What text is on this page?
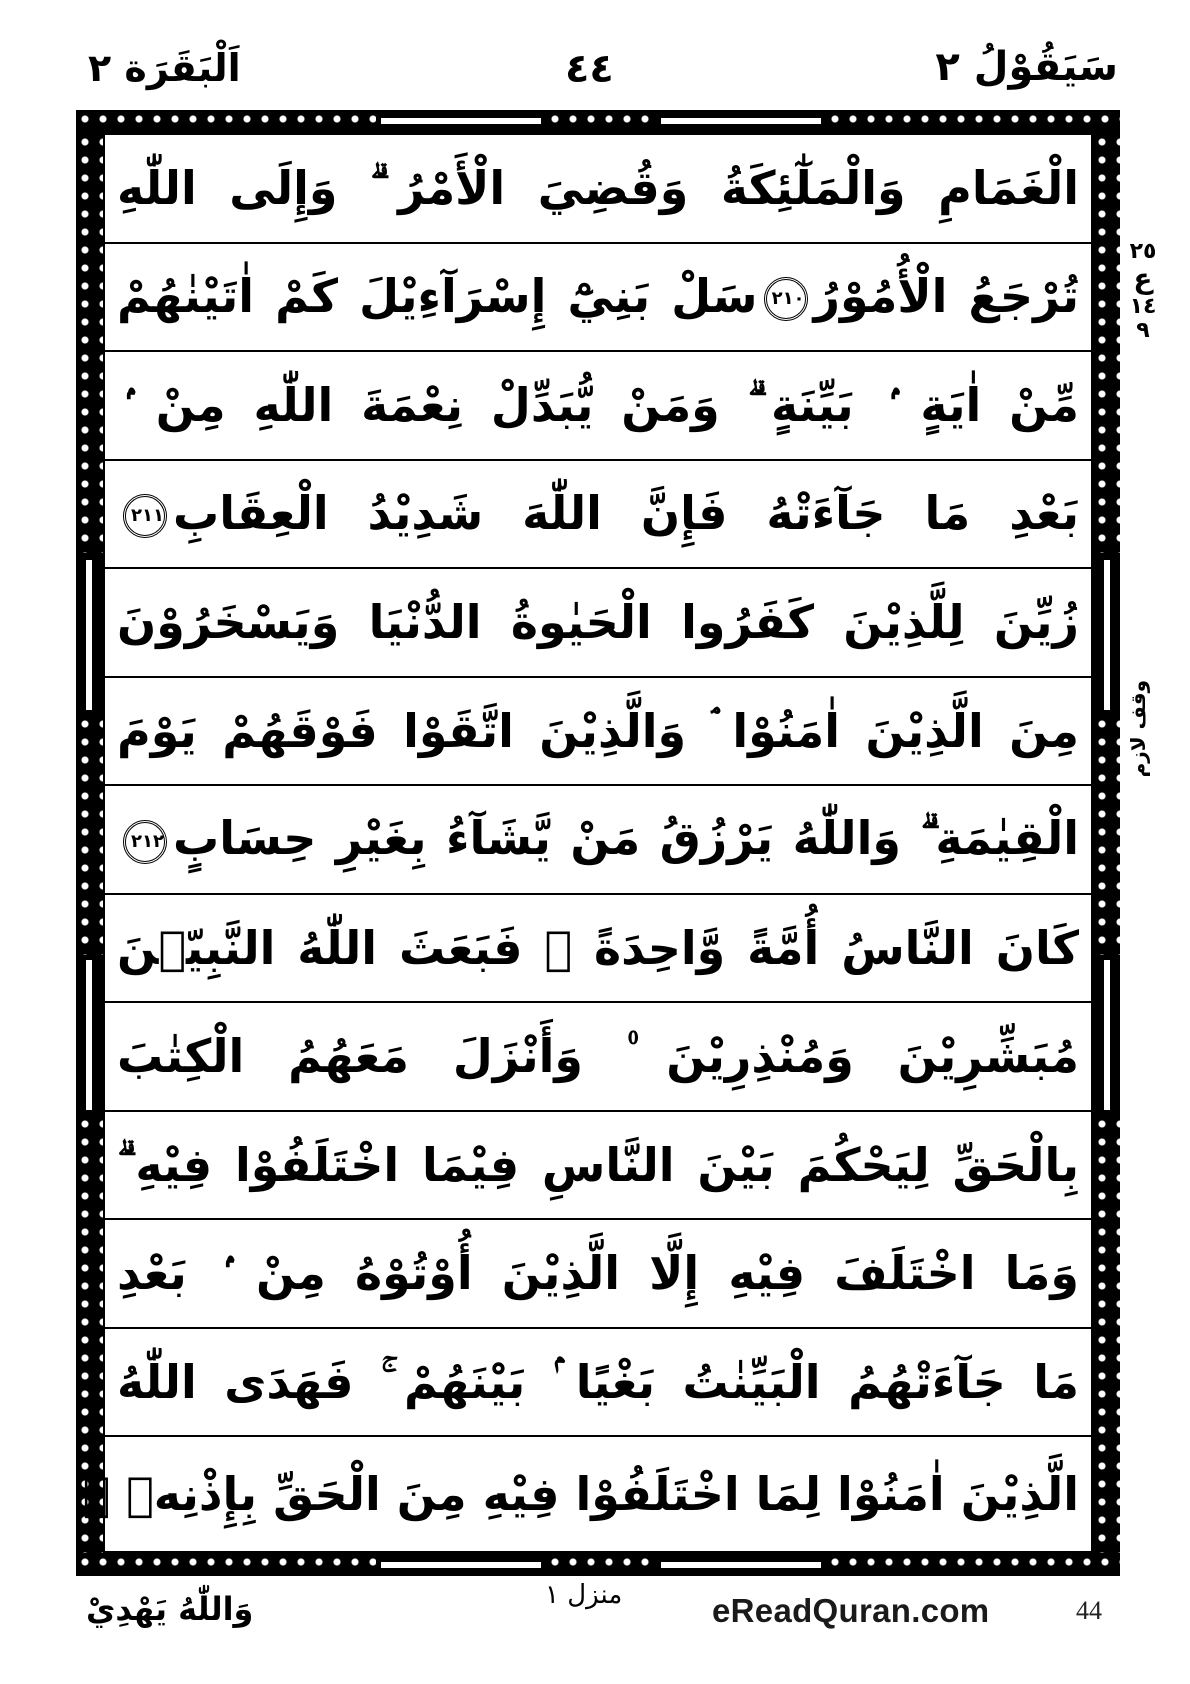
اَلْبَقَرَة ٢	٤٤	سَيَقُوْلُ ٢
الْغَمَامِ وَالْمَلٰٓئِكَةُ وَقُضِيَ الْأَمْرُ ۗ وَإِلَى اللّٰهِ
تُرْجَعُ الْأُمُوْرُ٢١٠سَلْ بَنِيْٓ إِسْرَآءِيْلَ كَمْ اٰتَيْنٰهُمْ
مِّنْ اٰيَةٍ ۢ بَيِّنَةٍ ۗ وَمَنْ يُّبَدِّلْ نِعْمَةَ اللّٰهِ مِنْ ۢ
بَعْدِ مَا جَآءَتْهُ فَإِنَّ اللّٰهَ شَدِيْدُ الْعِقَابِ٢١١
زُيِّنَ لِلَّذِيْنَ كَفَرُوا الْحَيٰوةُ الدُّنْيَا وَيَسْخَرُوْنَ
مِنَ الَّذِيْنَ اٰمَنُوْا ۘ وَالَّذِيْنَ اتَّقَوْا فَوْقَهُمْ يَوْمَ
الْقِيٰمَةِ ۗ وَاللّٰهُ يَرْزُقُ مَنْ يَّشَآءُ بِغَيْرِ حِسَابٍ٢١٢
كَانَ النَّاسُ أُمَّةً وَّاحِدَةً ۣ فَبَعَثَ اللّٰهُ النَّبِيّٖنَ
مُبَشِّرِيْنَ وَمُنْذِرِيْنَ ۠ وَأَنْزَلَ مَعَهُمُ الْكِتٰبَ
بِالْحَقِّ لِيَحْكُمَ بَيْنَ النَّاسِ فِيْمَا اخْتَلَفُوْا فِيْهِ ۗ
وَمَا اخْتَلَفَ فِيْهِ إِلَّا الَّذِيْنَ أُوْتُوْهُ مِنْ ۢ بَعْدِ
مَا جَآءَتْهُمُ الْبَيِّنٰتُ بَغْيًا ۢ بَيْنَهُمْ ۚ فَهَدَى اللّٰهُ
الَّذِيْنَ اٰمَنُوْا لِمَا اخْتَلَفُوْا فِيْهِ مِنَ الْحَقِّ بِإِذْنِهٖ ۗ
٢٥
ع
١٤
٩
وقف لازم
وَاللّٰهُ يَهْدِيْ	منزل ١	eReadQuran.com	44
